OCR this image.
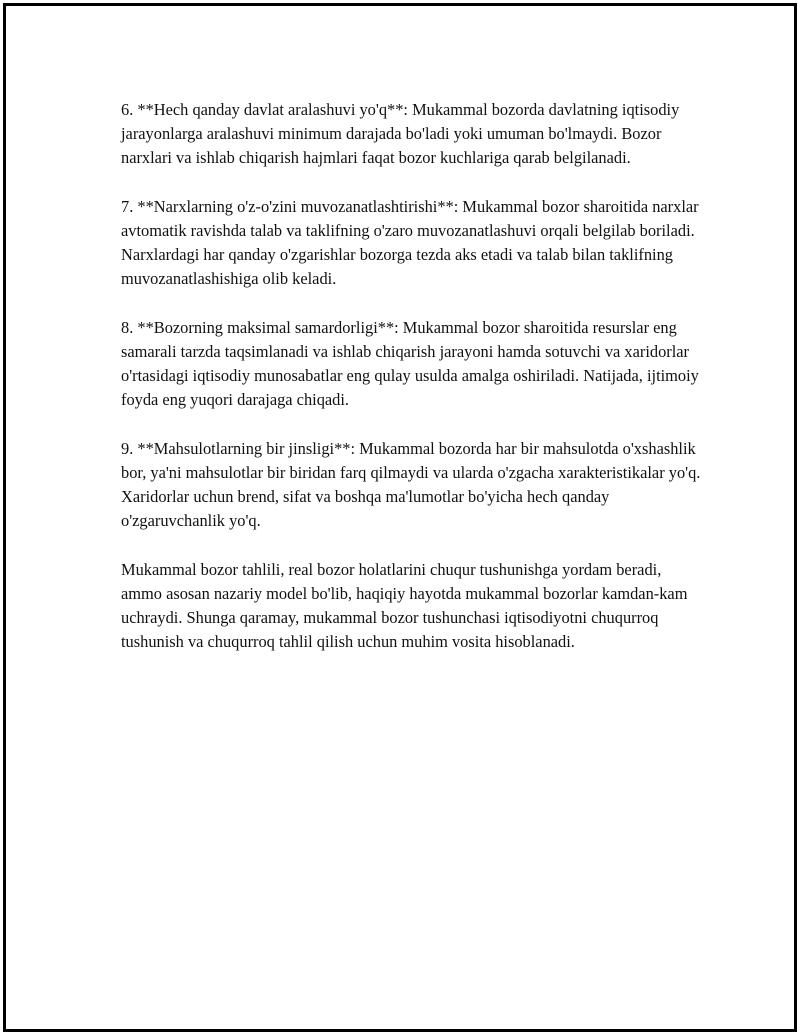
6. **Hech qanday davlat aralashuvi yo'q**: Mukammal bozorda davlatning iqtisodiy jarayonlarga aralashuvi minimum darajada bo'ladi yoki umuman bo'lmaydi. Bozor narxlari va ishlab chiqarish hajmlari faqat bozor kuchlariga qarab belgilanadi.

7. **Narxlarning o'z-o'zini muvozanatlashtirishi**: Mukammal bozor sharoitida narxlar avtomatik ravishda talab va taklifning o'zaro muvozanatlashuvi orqali belgilab boriladi. Narxlardagi har qanday o'zgarishlar bozorga tezda aks etadi va talab bilan taklifning muvozanatlashishiga olib keladi.

8. **Bozorning maksimal samardorligi**: Mukammal bozor sharoitida resurslar eng samarali tarzda taqsimlanadi va ishlab chiqarish jarayoni hamda sotuvchi va xaridorlar o'rtasidagi iqtisodiy munosabatlar eng qulay usulda amalga oshiriladi. Natijada, ijtimoiy foyda eng yuqori darajaga chiqadi.

9. **Mahsulotlarning bir jinsligi**: Mukammal bozorda har bir mahsulotda o'xshashlik bor, ya'ni mahsulotlar bir biridan farq qilmaydi va ularda o'zgacha xarakteristikalar yo'q. Xaridorlar uchun brend, sifat va boshqa ma'lumotlar bo'yicha hech qanday o'zgaruvchanlik yo'q.

Mukammal bozor tahlili, real bozor holatlarini chuqur tushunishga yordam beradi, ammo asosan nazariy model bo'lib, haqiqiy hayotda mukammal bozorlar kamdan-kam uchraydi. Shunga qaramay, mukammal bozor tushunchasi iqtisodiyotni chuqurroq tushunish va chuqurroq tahlil qilish uchun muhim vosita hisoblanadi.
